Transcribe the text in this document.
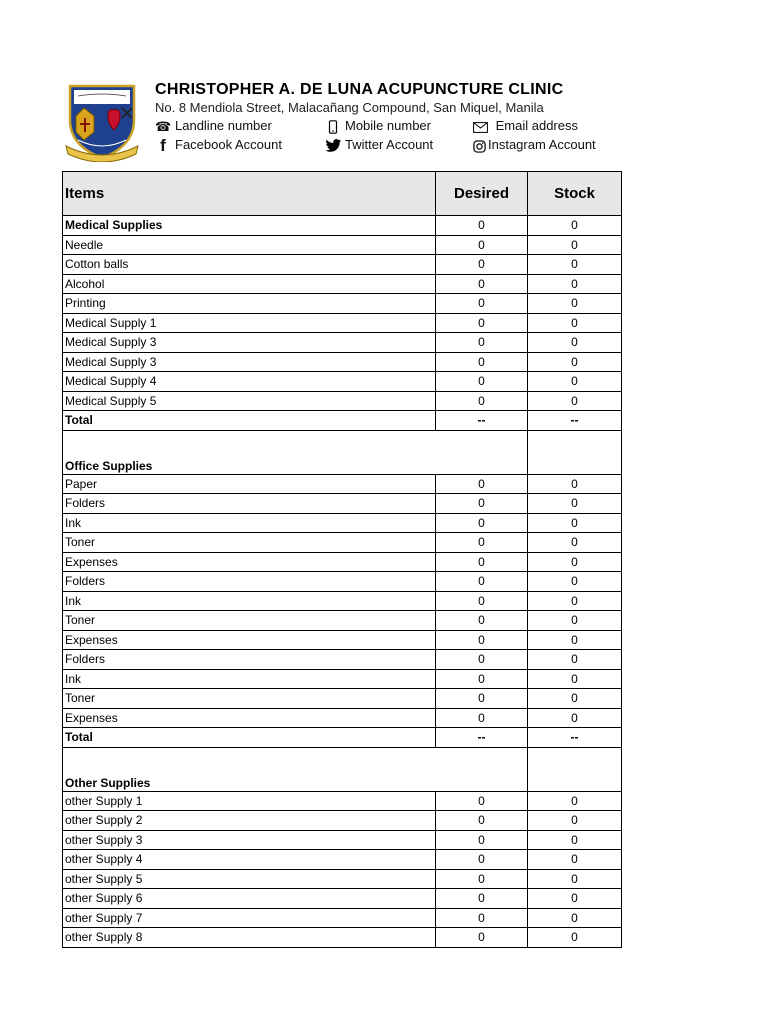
CHRISTOPHER A. DE LUNA ACUPUNCTURE CLINIC
No. 8 Mendiola Street, Malacañang Compound, San Miquel, Manila
☎ Landline number	Mobile number	Email address
f Facebook Account	Twitter Account	Instagram Account
Items	Desired	Stock
Medical Supplies	0	0
Needle	0	0
Cotton balls	0	0
Alcohol	0	0
Printing	0	0
Medical Supply 1	0	0
Medical Supply 3	0	0
Medical Supply 3	0	0
Medical Supply 4	0	0
Medical Supply 5	0	0
Total	--	--
Office Supplies		
Paper	0	0
Folders	0	0
Ink	0	0
Toner	0	0
Expenses	0	0
Folders	0	0
Ink	0	0
Toner	0	0
Expenses	0	0
Folders	0	0
Ink	0	0
Toner	0	0
Expenses	0	0
Total	--	--
Other Supplies		
other Supply 1	0	0
other Supply 2	0	0
other Supply 3	0	0
other Supply 4	0	0
other Supply 5	0	0
other Supply 6	0	0
other Supply 7	0	0
other Supply 8	0	0
